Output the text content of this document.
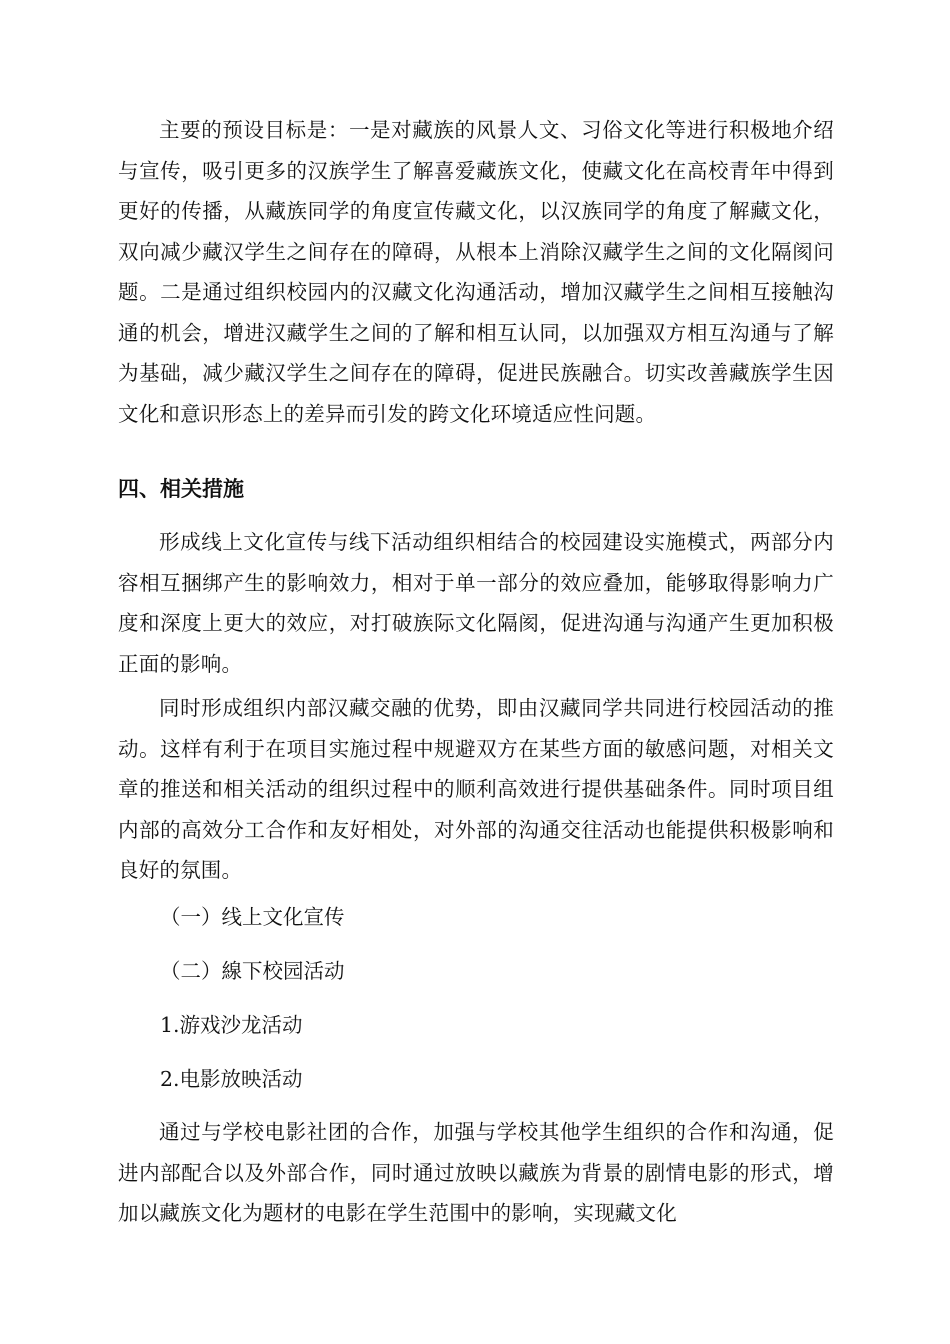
主要的预设目标是：一是对藏族的风景人文、习俗文化等进行积极地介绍与宣传，吸引更多的汉族学生了解喜爱藏族文化，使藏文化在高校青年中得到更好的传播，从藏族同学的角度宣传藏文化，以汉族同学的角度了解藏文化，双向减少藏汉学生之间存在的障碍，从根本上消除汉藏学生之间的文化隔阂问题。二是通过组织校园内的汉藏文化沟通活动，增加汉藏学生之间相互接触沟通的机会，增进汉藏学生之间的了解和相互认同，以加强双方相互沟通与了解为基础，减少藏汉学生之间存在的障碍，促进民族融合。切实改善藏族学生因文化和意识形态上的差异而引发的跨文化环境适应性问题。

四、相关措施

形成线上文化宣传与线下活动组织相结合的校园建设实施模式，两部分内容相互捆绑产生的影响效力，相对于单一部分的效应叠加，能够取得影响力广度和深度上更大的效应，对打破族际文化隔阂，促进沟通与沟通产生更加积极正面的影响。

同时形成组织内部汉藏交融的优势，即由汉藏同学共同进行校园活动的推动。这样有利于在项目实施过程中规避双方在某些方面的敏感问题，对相关文章的推送和相关活动的组织过程中的顺利高效进行提供基础条件。同时项目组内部的高效分工合作和友好相处，对外部的沟通交往活动也能提供积极影响和良好的氛围。

（一）线上文化宣传

（二）線下校园活动

1.游戏沙龙活动

2.电影放映活动

通过与学校电影社团的合作，加强与学校其他学生组织的合作和沟通，促进内部配合以及外部合作，同时通过放映以藏族为背景的剧情电影的形式，增加以藏族文化为题材的电影在学生范围中的影响，实现藏文化
